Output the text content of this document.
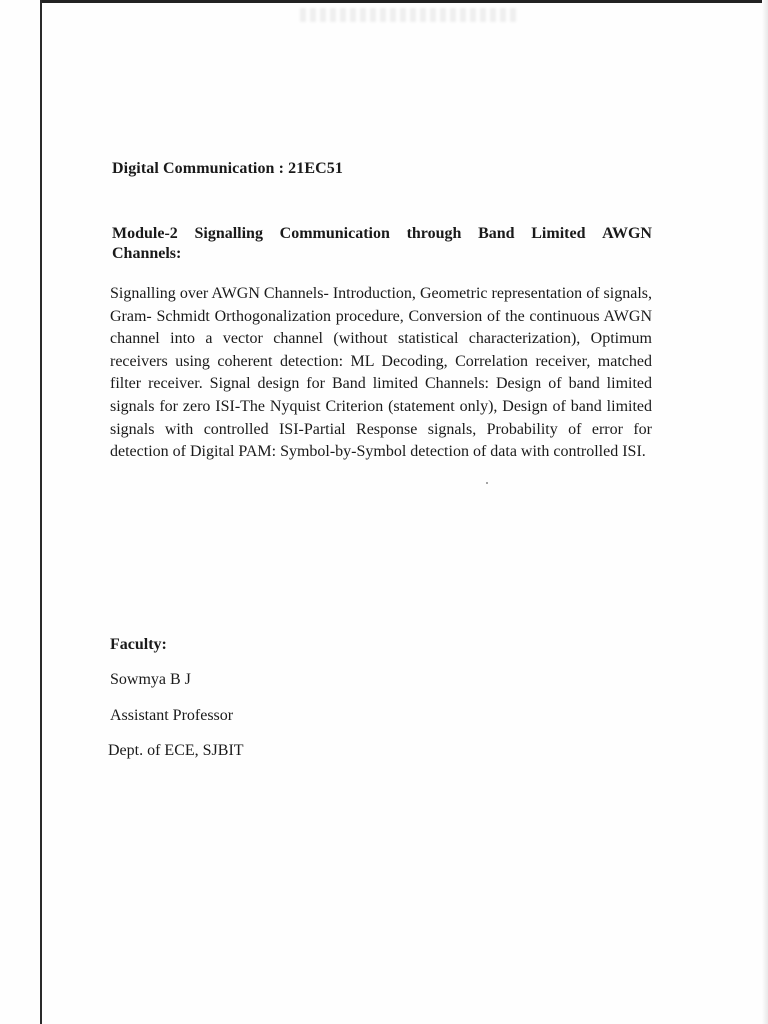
Digital Communication : 21EC51
Module-2 Signalling Communication through Band Limited AWGN
Channels:

Signalling over AWGN Channels- Introduction, Geometric representation of signals, Gram- Schmidt Orthogonalization procedure, Conversion of the continuous AWGN channel into a vector channel (without statistical characterization), Optimum receivers using coherent detection: ML Decoding, Correlation receiver, matched filter receiver. Signal design for Band limited Channels: Design of band limited signals for zero ISI-The Nyquist Criterion (statement only), Design of band limited signals with controlled ISI-Partial Response signals, Probability of error for detection of Digital PAM: Symbol-by-Symbol detection of data with controlled ISI.

Faculty:
Sowmya B J
Assistant Professor
Dept. of ECE, SJBIT
